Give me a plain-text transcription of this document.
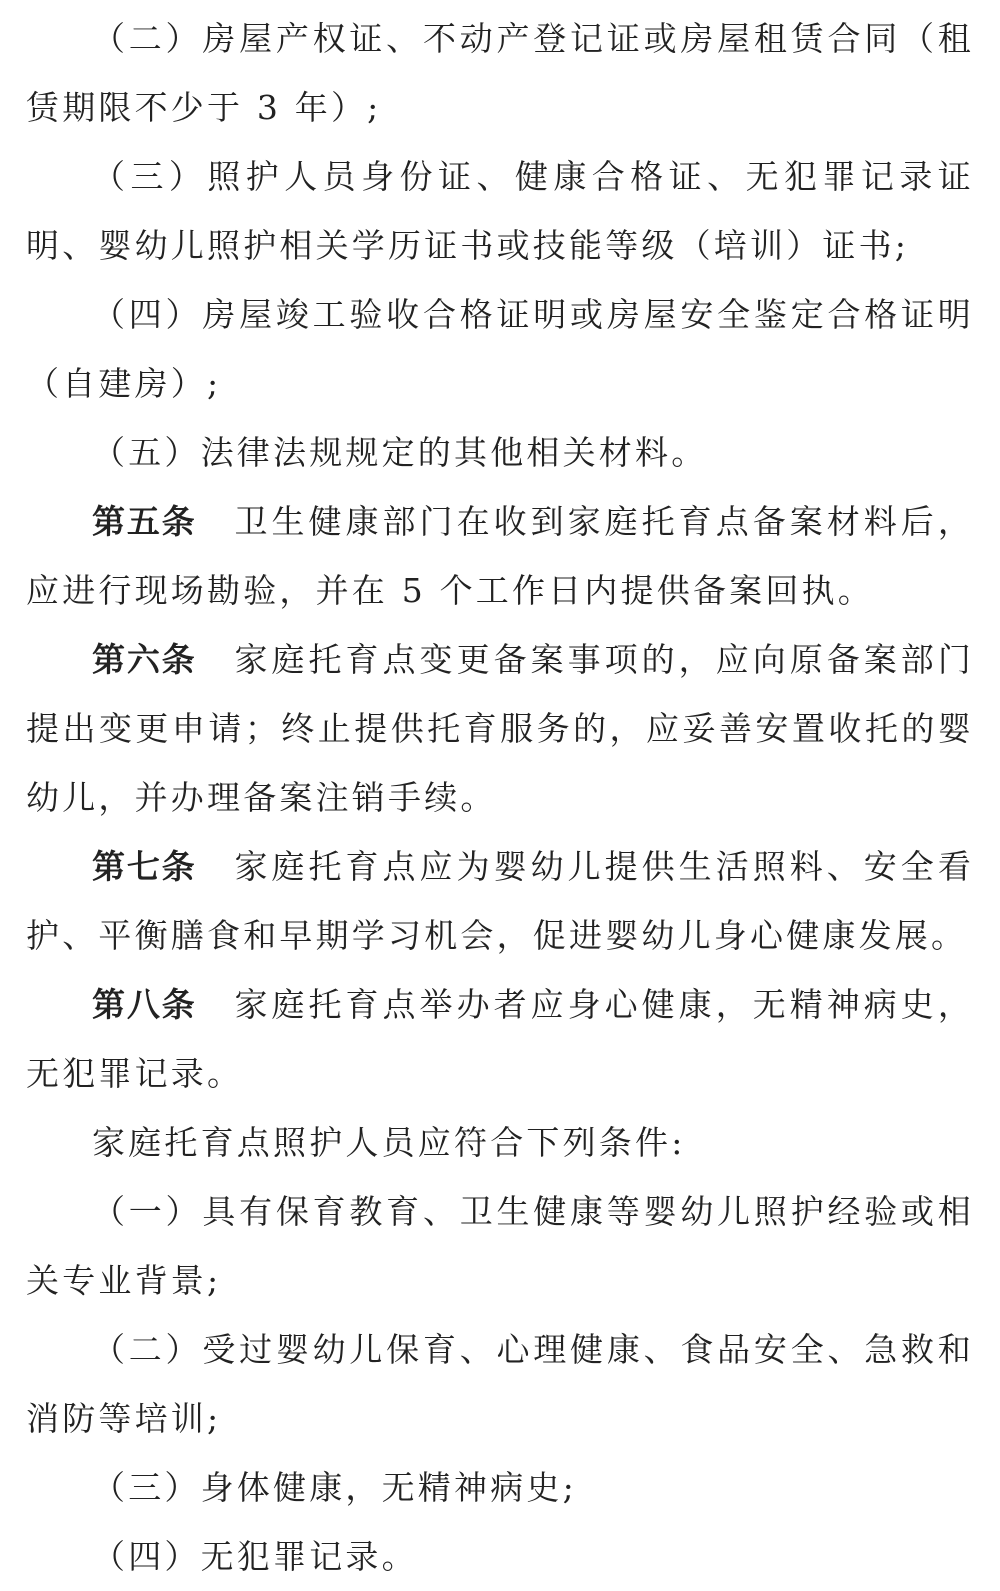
（二）房屋产权证、不动产登记证或房屋租赁合同（租赁期限不少于 3 年）;

（三）照护人员身份证、健康合格证、无犯罪记录证明、婴幼儿照护相关学历证书或技能等级（培训）证书;

（四）房屋竣工验收合格证明或房屋安全鉴定合格证明（自建房）;

（五）法律法规规定的其他相关材料。

第五条 卫生健康部门在收到家庭托育点备案材料后，应进行现场勘验，并在 5 个工作日内提供备案回执。

第六条 家庭托育点变更备案事项的，应向原备案部门提出变更申请；终止提供托育服务的，应妥善安置收托的婴幼儿，并办理备案注销手续。

第七条 家庭托育点应为婴幼儿提供生活照料、安全看护、平衡膳食和早期学习机会，促进婴幼儿身心健康发展。

第八条 家庭托育点举办者应身心健康，无精神病史，无犯罪记录。

家庭托育点照护人员应符合下列条件:

（一）具有保育教育、卫生健康等婴幼儿照护经验或相关专业背景;

（二）受过婴幼儿保育、心理健康、食品安全、急救和消防等培训;

（三）身体健康，无精神病史;

（四）无犯罪记录。
